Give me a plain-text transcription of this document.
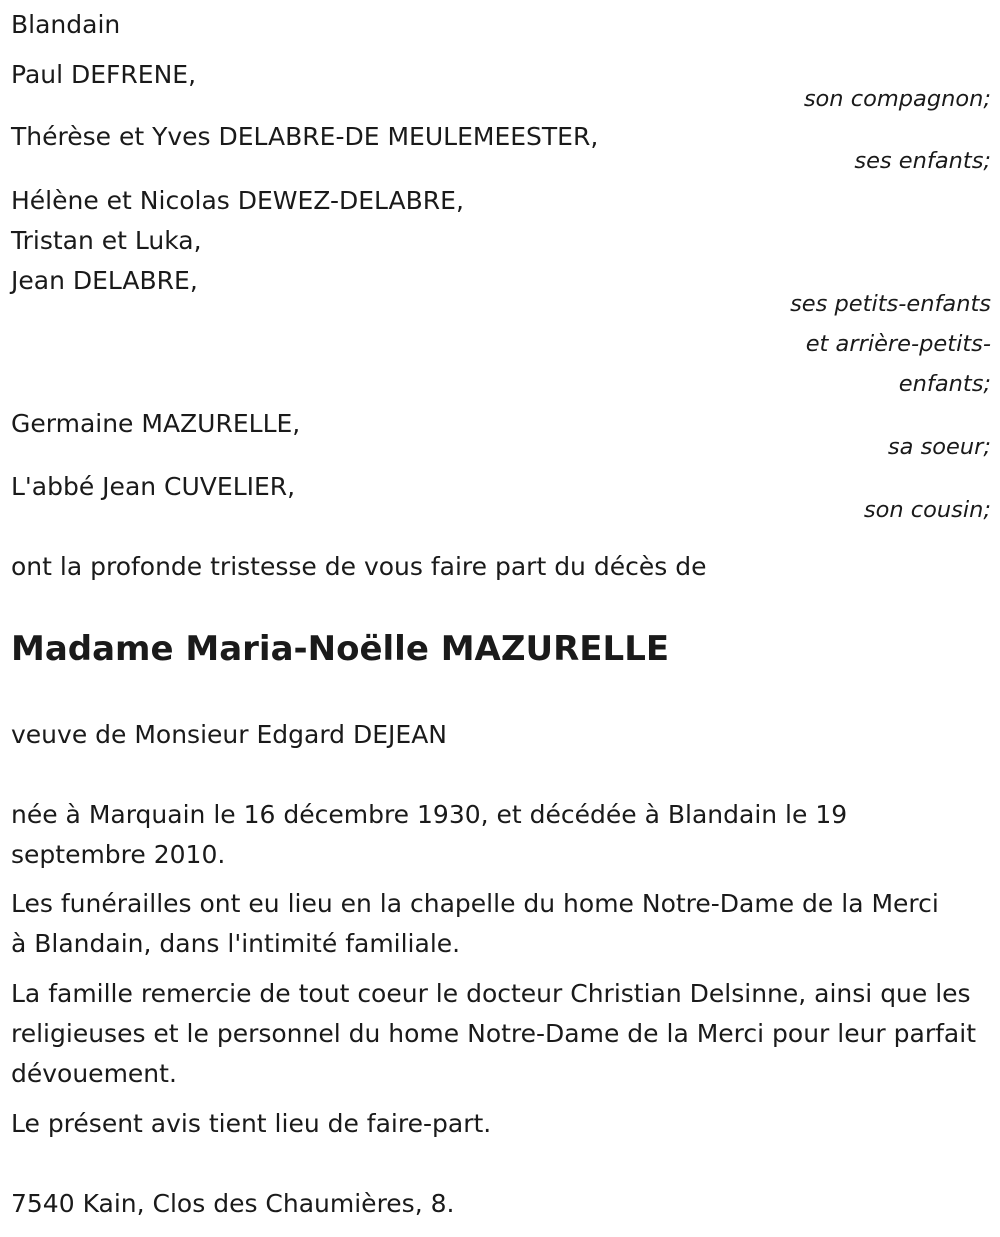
Blandain

Paul DEFRENE,

son compagnon;

Thérèse et Yves DELABRE-DE MEULEMEESTER,

ses enfants;

Hélène et Nicolas DEWEZ-DELABRE,

Tristan et Luka,

Jean DELABRE,

ses petits-enfants

et arrière-petits-

enfants;

Germaine MAZURELLE,

sa soeur;

L'abbé Jean CUVELIER,

son cousin;

ont la profonde tristesse de vous faire part du décès de

Madame Maria-Noëlle MAZURELLE

veuve de Monsieur Edgard DEJEAN

née à Marquain le 16 décembre 1930, et décédée à Blandain le 19 septembre 2010.

Les funérailles ont eu lieu en la chapelle du home Notre-Dame de la Merci à Blandain, dans l'intimité familiale.

La famille remercie de tout coeur le docteur Christian Delsinne, ainsi que les religieuses et le personnel du home Notre-Dame de la Merci pour leur parfait dévouement.

Le présent avis tient lieu de faire-part.

7540 Kain, Clos des Chaumières, 8.
